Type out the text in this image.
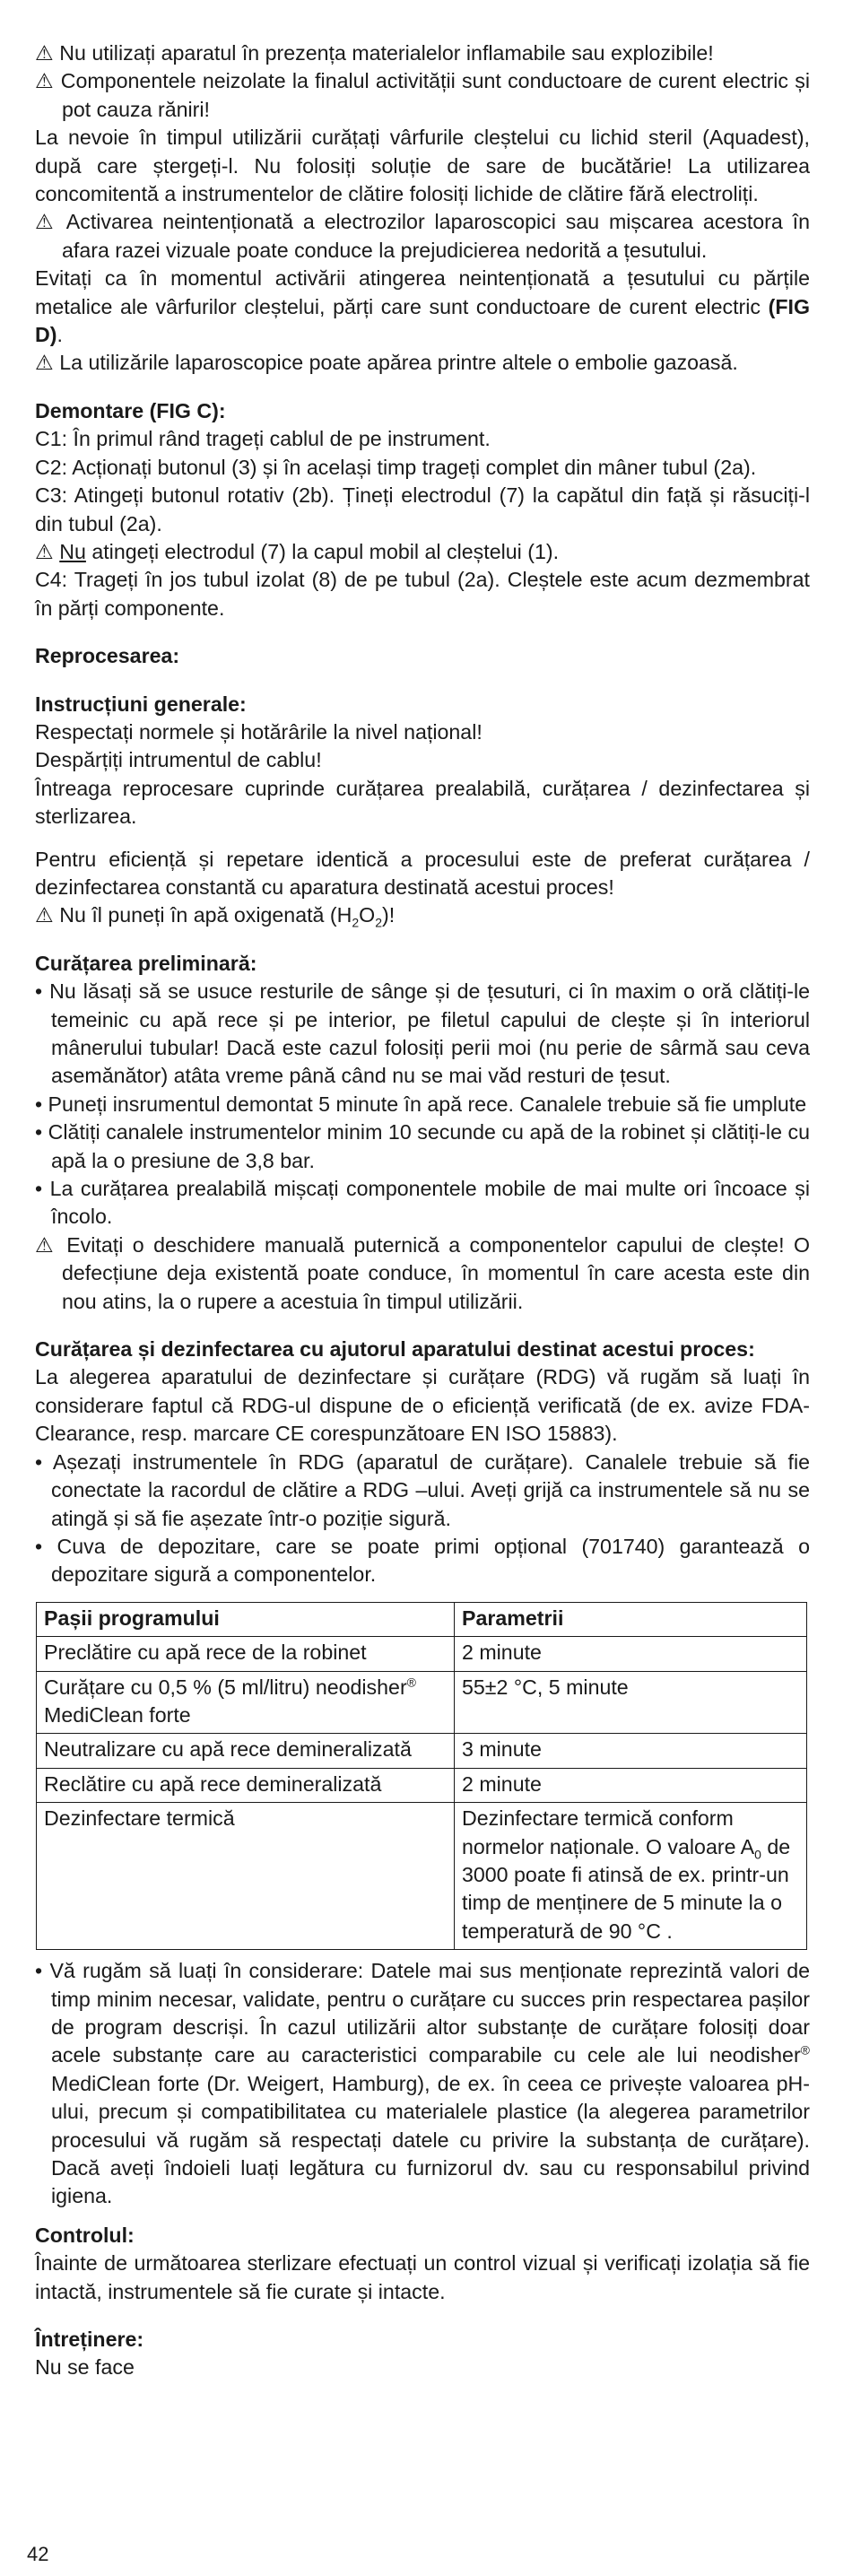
⚠ Nu utilizați aparatul în prezența materialelor inflamabile sau explozibile!

⚠ Componentele neizolate la finalul activității sunt conductoare de curent electric și pot cauza răniri!

La nevoie în timpul utilizării curățați vârfurile cleștelui cu lichid steril (Aquadest), după care ștergeți-l. Nu folosiți soluție de sare de bucătărie! La utilizarea concomitentă a instrumentelor de clătire folosiți lichide de clătire fără electroliți.

⚠ Activarea neintenționată a electrozilor laparoscopici sau mișcarea acestora în afara razei vizuale poate conduce la prejudicierea nedorită a țesutului.

Evitați ca în momentul activării atingerea neintenționată a țesutului cu părțile metalice ale vârfurilor cleștelui, părți care sunt conductoare de curent electric (FIG D).

⚠ La utilizările laparoscopice poate apărea printre altele o embolie gazoasă.

Demontare (FIG C):

C1: În primul rând trageți cablul de pe instrument.

C2: Acționați butonul (3) și în același timp trageți complet din mâner tubul (2a).

C3: Atingeți butonul rotativ (2b). Țineți electrodul (7) la capătul din față și răsuciți-l din tubul (2a).

⚠ Nu atingeți electrodul (7) la capul mobil al cleștelui (1).

C4: Trageți în jos tubul izolat (8) de pe tubul (2a). Cleștele este acum dezmembrat în părți componente.

Reprocesarea:
Instrucțiuni generale:

Respectați normele și hotărârile la nivel național!

Despărțiți intrumentul de cablu!

Întreaga reprocesare cuprinde curățarea prealabilă, curățarea / dezinfectarea și sterlizarea.

Pentru eficiență și repetare identică a procesului este de preferat curățarea / dezinfectarea constantă cu aparatura destinată acestui proces!

⚠ Nu îl puneți în apă oxigenată $(H_2O_2)$!

Curățarea preliminară:

• Nu lăsați să se usuce resturile de sânge și de țesuturi, ci în maxim o oră clătiți-le temeinic cu apă rece și pe interior, pe filetul capului de clește și în interiorul mânerului tubular! Dacă este cazul folosiți perii moi (nu perie de sârmă sau ceva asemănător) atâta vreme până când nu se mai văd resturi de țesut.

• Puneți insrumentul demontat 5 minute în apă rece. Canalele trebuie să fie umplute

• Clătiți canalele instrumentelor minim 10 secunde cu apă de la robinet și clătiți-le cu apă la o presiune de 3,8 bar.

• La curățarea prealabilă mișcați componentele mobile de mai multe ori încoace și încolo.

⚠ Evitați o deschidere manuală puternică a componentelor capului de clește! O defecțiune deja existentă poate conduce, în momentul în care acesta este din nou atins, la o rupere a acestuia în timpul utilizării.

Curățarea și dezinfectarea cu ajutorul aparatului destinat acestui proces:

La alegerea aparatului de dezinfectare și curățare (RDG) vă rugăm să luați în considerare faptul că RDG-ul dispune de o eficiență verificată (de ex. avize FDA-Clearance, resp. marcare CE corespunzătoare EN ISO 15883).

• Așezați instrumentele în RDG (aparatul de curățare). Canalele trebuie să fie conectate la racordul de clătire a RDG –ului. Aveți grijă ca instrumentele să nu se atingă și să fie așezate într-o poziție sigură.

• Cuva de depozitare, care se poate primi opțional (701740) garantează o depozitare sigură a componentelor.

Pașii programului	Parametrii
Preclătire cu apă rece de la robinet	2 minute
Curățare cu 0,5 % (5 ml/litru) neodisher® MediClean forte	55±2 °C, 5 minute
Neutralizare cu apă rece demineralizată	3 minute
Reclătire cu apă rece demineralizată	2 minute
Dezinfectare termică	Dezinfectare termică conform normelor naționale. O valoare $A_0$ de 3000 poate fi atinsă de ex. printr-un timp de menținere de 5 minute la o temperatură de 90 °C .

• Vă rugăm să luați în considerare: Datele mai sus menționate reprezintă valori de timp minim necesar, validate, pentru o curățare cu succes prin respectarea pașilor de program descriși. În cazul utilizării altor substanțe de curățare folosiți doar acele substanțe care au caracteristici comparabile cu cele ale lui neodisher® MediClean forte (Dr. Weigert, Hamburg), de ex. în ceea ce privește valoarea pH-ului, precum și compatibilitatea cu materialele plastice (la alegerea parametrilor procesului vă rugăm să respectați datele cu privire la substanța de curățare). Dacă aveți îndoieli luați legătura cu furnizorul dv. sau cu responsabilul privind igiena.

Controlul:

Înainte de următoarea sterlizare efectuați un control vizual și verificați izolația să fie intactă, instrumentele să fie curate și intacte.

Întreținere:

Nu se face

42
